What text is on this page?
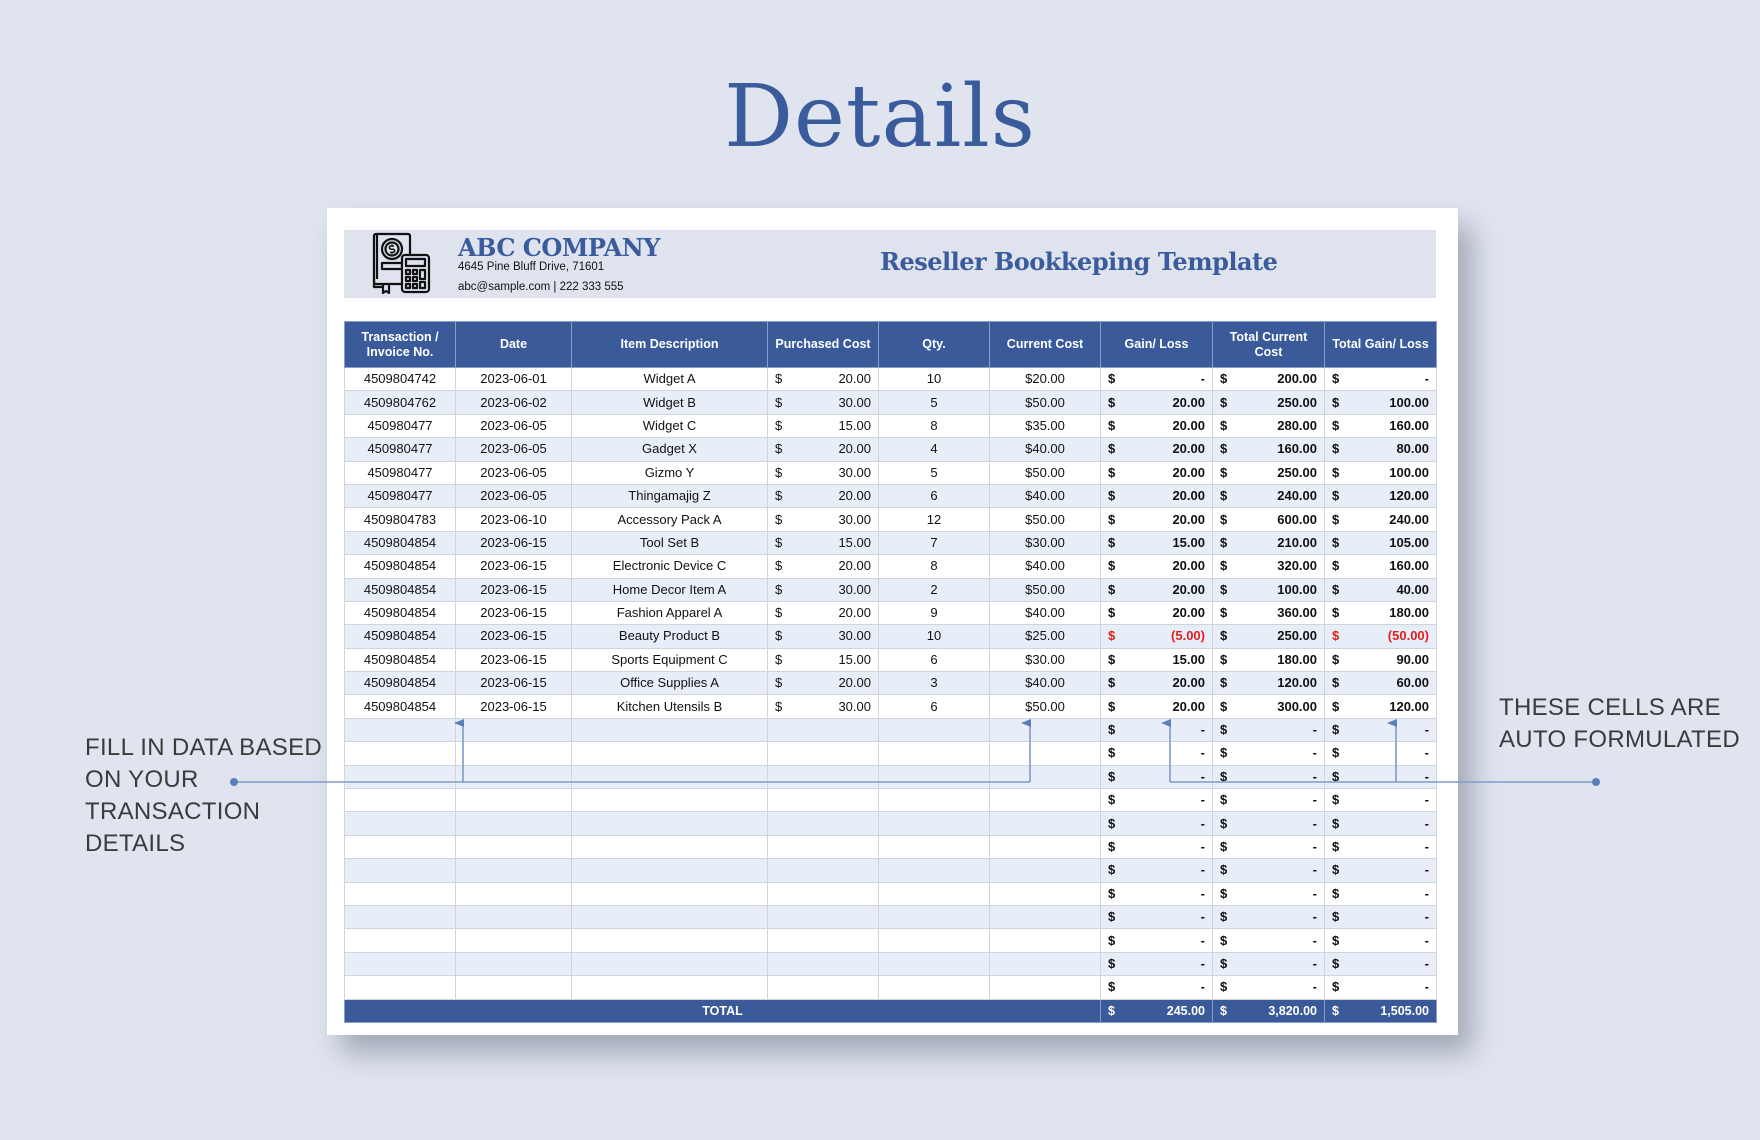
Details
ABC COMPANY
4645 Pine Bluff Drive, 71601
abc@sample.com | 222 333 555
Reseller Bookkeping Template
Transaction / Invoice No.	Date	Item Description	Purchased Cost	Qty.	Current Cost	Gain/ Loss	Total Current Cost	Total Gain/ Loss
4509804742	2023-06-01	Widget A	$ 20.00	10	$20.00	$ -	$ 200.00	$ -

4509804762	2023-06-02	Widget B	$ 30.00	5	$50.00	$ 20.00	$ 250.00	$ 100.00

450980477	2023-06-05	Widget C	$ 15.00	8	$35.00	$ 20.00	$ 280.00	$ 160.00

450980477	2023-06-05	Gadget X	$ 20.00	4	$40.00	$ 20.00	$ 160.00	$ 80.00

450980477	2023-06-05	Gizmo Y	$ 30.00	5	$50.00	$ 20.00	$ 250.00	$ 100.00

450980477	2023-06-05	Thingamajig Z	$ 20.00	6	$40.00	$ 20.00	$ 240.00	$ 120.00

4509804783	2023-06-10	Accessory Pack A	$ 30.00	12	$50.00	$ 20.00	$ 600.00	$ 240.00

4509804854	2023-06-15	Tool Set B	$ 15.00	7	$30.00	$ 15.00	$ 210.00	$ 105.00

4509804854	2023-06-15	Electronic Device C	$ 20.00	8	$40.00	$ 20.00	$ 320.00	$ 160.00

4509804854	2023-06-15	Home Decor Item A	$ 30.00	2	$50.00	$ 20.00	$ 100.00	$ 40.00

4509804854	2023-06-15	Fashion Apparel A	$ 20.00	9	$40.00	$ 20.00	$ 360.00	$ 180.00

4509804854	2023-06-15	Beauty Product B	$ 30.00	10	$25.00	$ (5.00)	$ 250.00	$ (50.00)

4509804854	2023-06-15	Sports Equipment C	$ 15.00	6	$30.00	$ 15.00	$ 180.00	$ 90.00

4509804854	2023-06-15	Office Supplies A	$ 20.00	3	$40.00	$ 20.00	$ 120.00	$ 60.00

4509804854	2023-06-15	Kitchen Utensils B	$ 30.00	6	$50.00	$ 20.00	$ 300.00	$ 120.00

						$ -	$ -	$ -

						$ -	$ -	$ -

						$ -	$ -	$ -

						$ -	$ -	$ -

						$ -	$ -	$ -

						$ -	$ -	$ -

						$ -	$ -	$ -

						$ -	$ -	$ -

						$ -	$ -	$ -

						$ -	$ -	$ -

						$ -	$ -	$ -

						$ -	$ -	$ -

TOTAL						$ 245.00	$ 3,820.00	$ 1,505.00
FILL IN DATA BASED
ON YOUR
TRANSACTION
DETAILS
THESE CELLS ARE
AUTO FORMULATED
